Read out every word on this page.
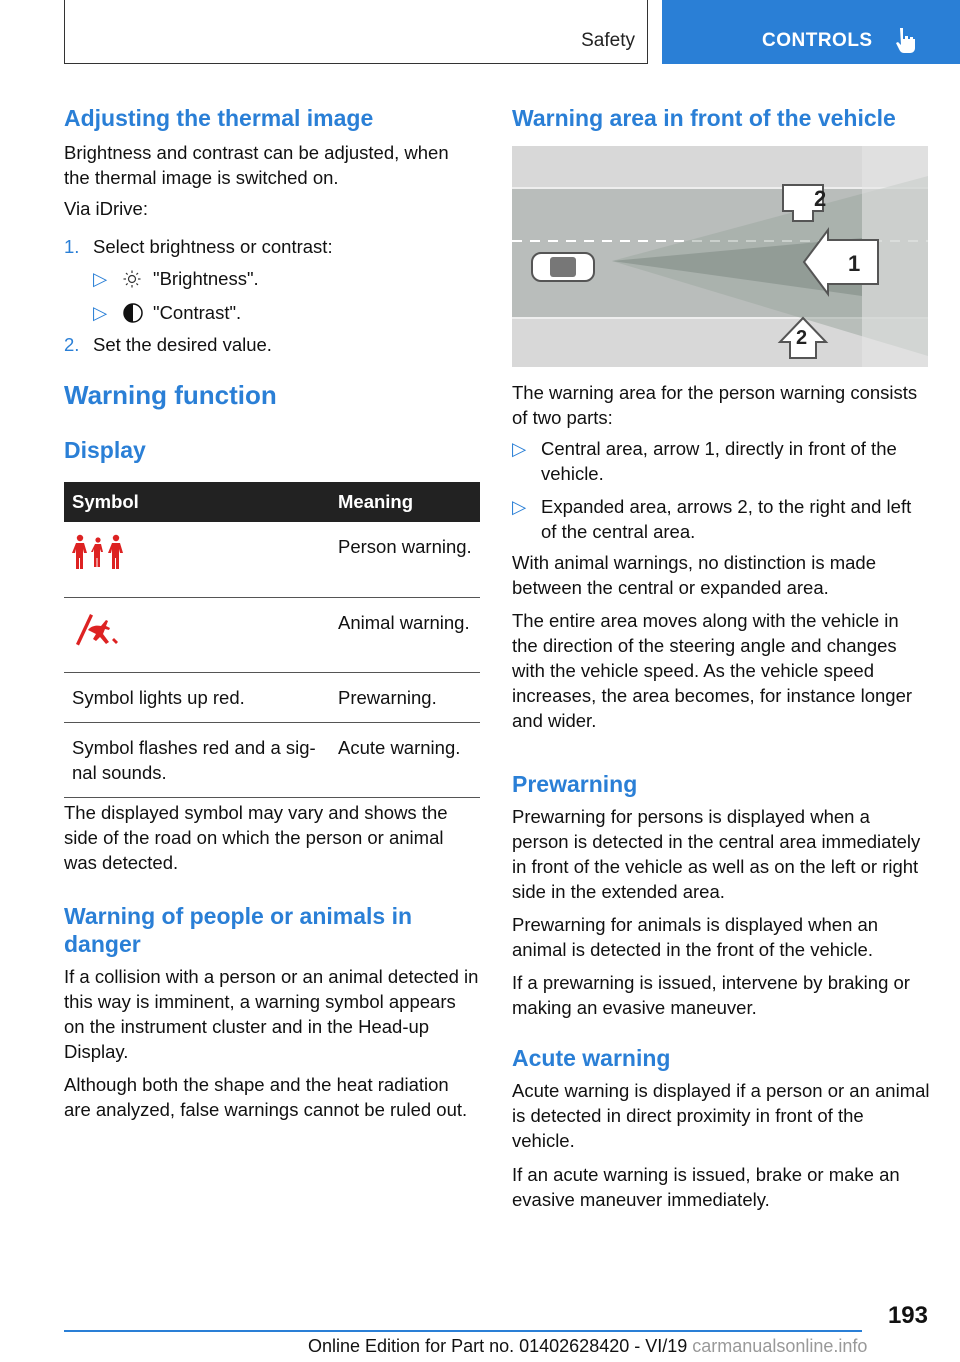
Safety	CONTROLS
Adjusting the thermal image

Brightness and contrast can be adjusted, when the thermal image is switched on.

Via iDrive:

1. Select brightness or contrast:
▷ "Brightness".
▷ "Contrast".
2. Set the desired value.
Warning function
Display
Symbol	Meaning
	Person warning.
	Animal warning.
Symbol lights up red.	Prewarning.
Symbol flashes red and a sig-
nal sounds.	Acute warning.

The displayed symbol may vary and shows the side of the road on which the person or animal was detected.

Warning of people or animals in danger

If a collision with a person or an animal detected in this way is imminent, a warning symbol appears on the instrument cluster and in the Head-up Display.

Although both the shape and the heat radiation are analyzed, false warnings cannot be ruled out.

Warning area in front of the vehicle
2
1
2

The warning area for the person warning consists of two parts:

▷ Central area, arrow 1, directly in front of the vehicle.
▷ Expanded area, arrows 2, to the right and left of the central area.

With animal warnings, no distinction is made between the central or expanded area.

The entire area moves along with the vehicle in the direction of the steering angle and changes with the vehicle speed. As the vehicle speed increases, the area becomes, for instance longer and wider.

Prewarning

Prewarning for persons is displayed when a person is detected in the central area immediately in front of the vehicle as well as on the left or right side in the extended area.

Prewarning for animals is displayed when an animal is detected in the front of the vehicle.

If a prewarning is issued, intervene by braking or making an evasive maneuver.

Acute warning

Acute warning is displayed if a person or an animal is detected in direct proximity in front of the vehicle.

If an acute warning is issued, brake or make an evasive maneuver immediately.

193
Online Edition for Part no. 01402628420 - VI/19 carmanualsonline.info
